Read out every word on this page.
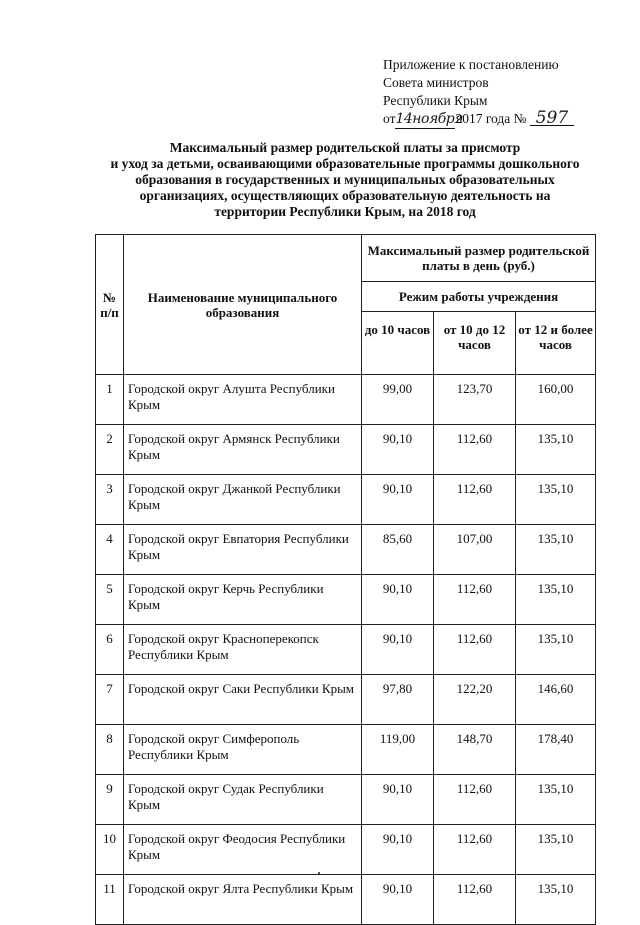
Приложение к постановлению
Совета министров
Республики Крым
от14ноября2017 года № 597
Максимальный размер родительской платы за присмотр
и уход за детьми, осваивающими образовательные программы дошкольного
образования в государственных и муниципальных образовательных
организациях, осуществляющих образовательную деятельность на
территории Республики Крым, на 2018 год
№ п/п	Наименование муниципального образования	Максимальный размер родительской платы в день (руб.)		
		Режим работы учреждения		

		до 10 часов	от 10 до 12 часов	от 12 и более часов

1	Городской округ Алушта Республики Крым	99,00	123,70	160,00
2	Городской округ Армянск Республики Крым	90,10	112,60	135,10
3	Городской округ Джанкой Республики Крым	90,10	112,60	135,10
4	Городской округ Евпатория Республики Крым	85,60	107,00	135,10
5	Городской округ Керчь Республики Крым	90,10	112,60	135,10
6	Городской округ Красноперекопск Республики Крым	90,10	112,60	135,10
7	Городской округ Саки Республики Крым	97,80	122,20	146,60
8	Городской округ Симферополь Республики Крым	119,00	148,70	178,40
9	Городской округ Судак Республики Крым	90,10	112,60	135,10
10	Городской округ Феодосия Республики Крым	90,10	112,60	135,10
11	Городской округ Ялта Республики Крым	90,10	112,60	135,10
